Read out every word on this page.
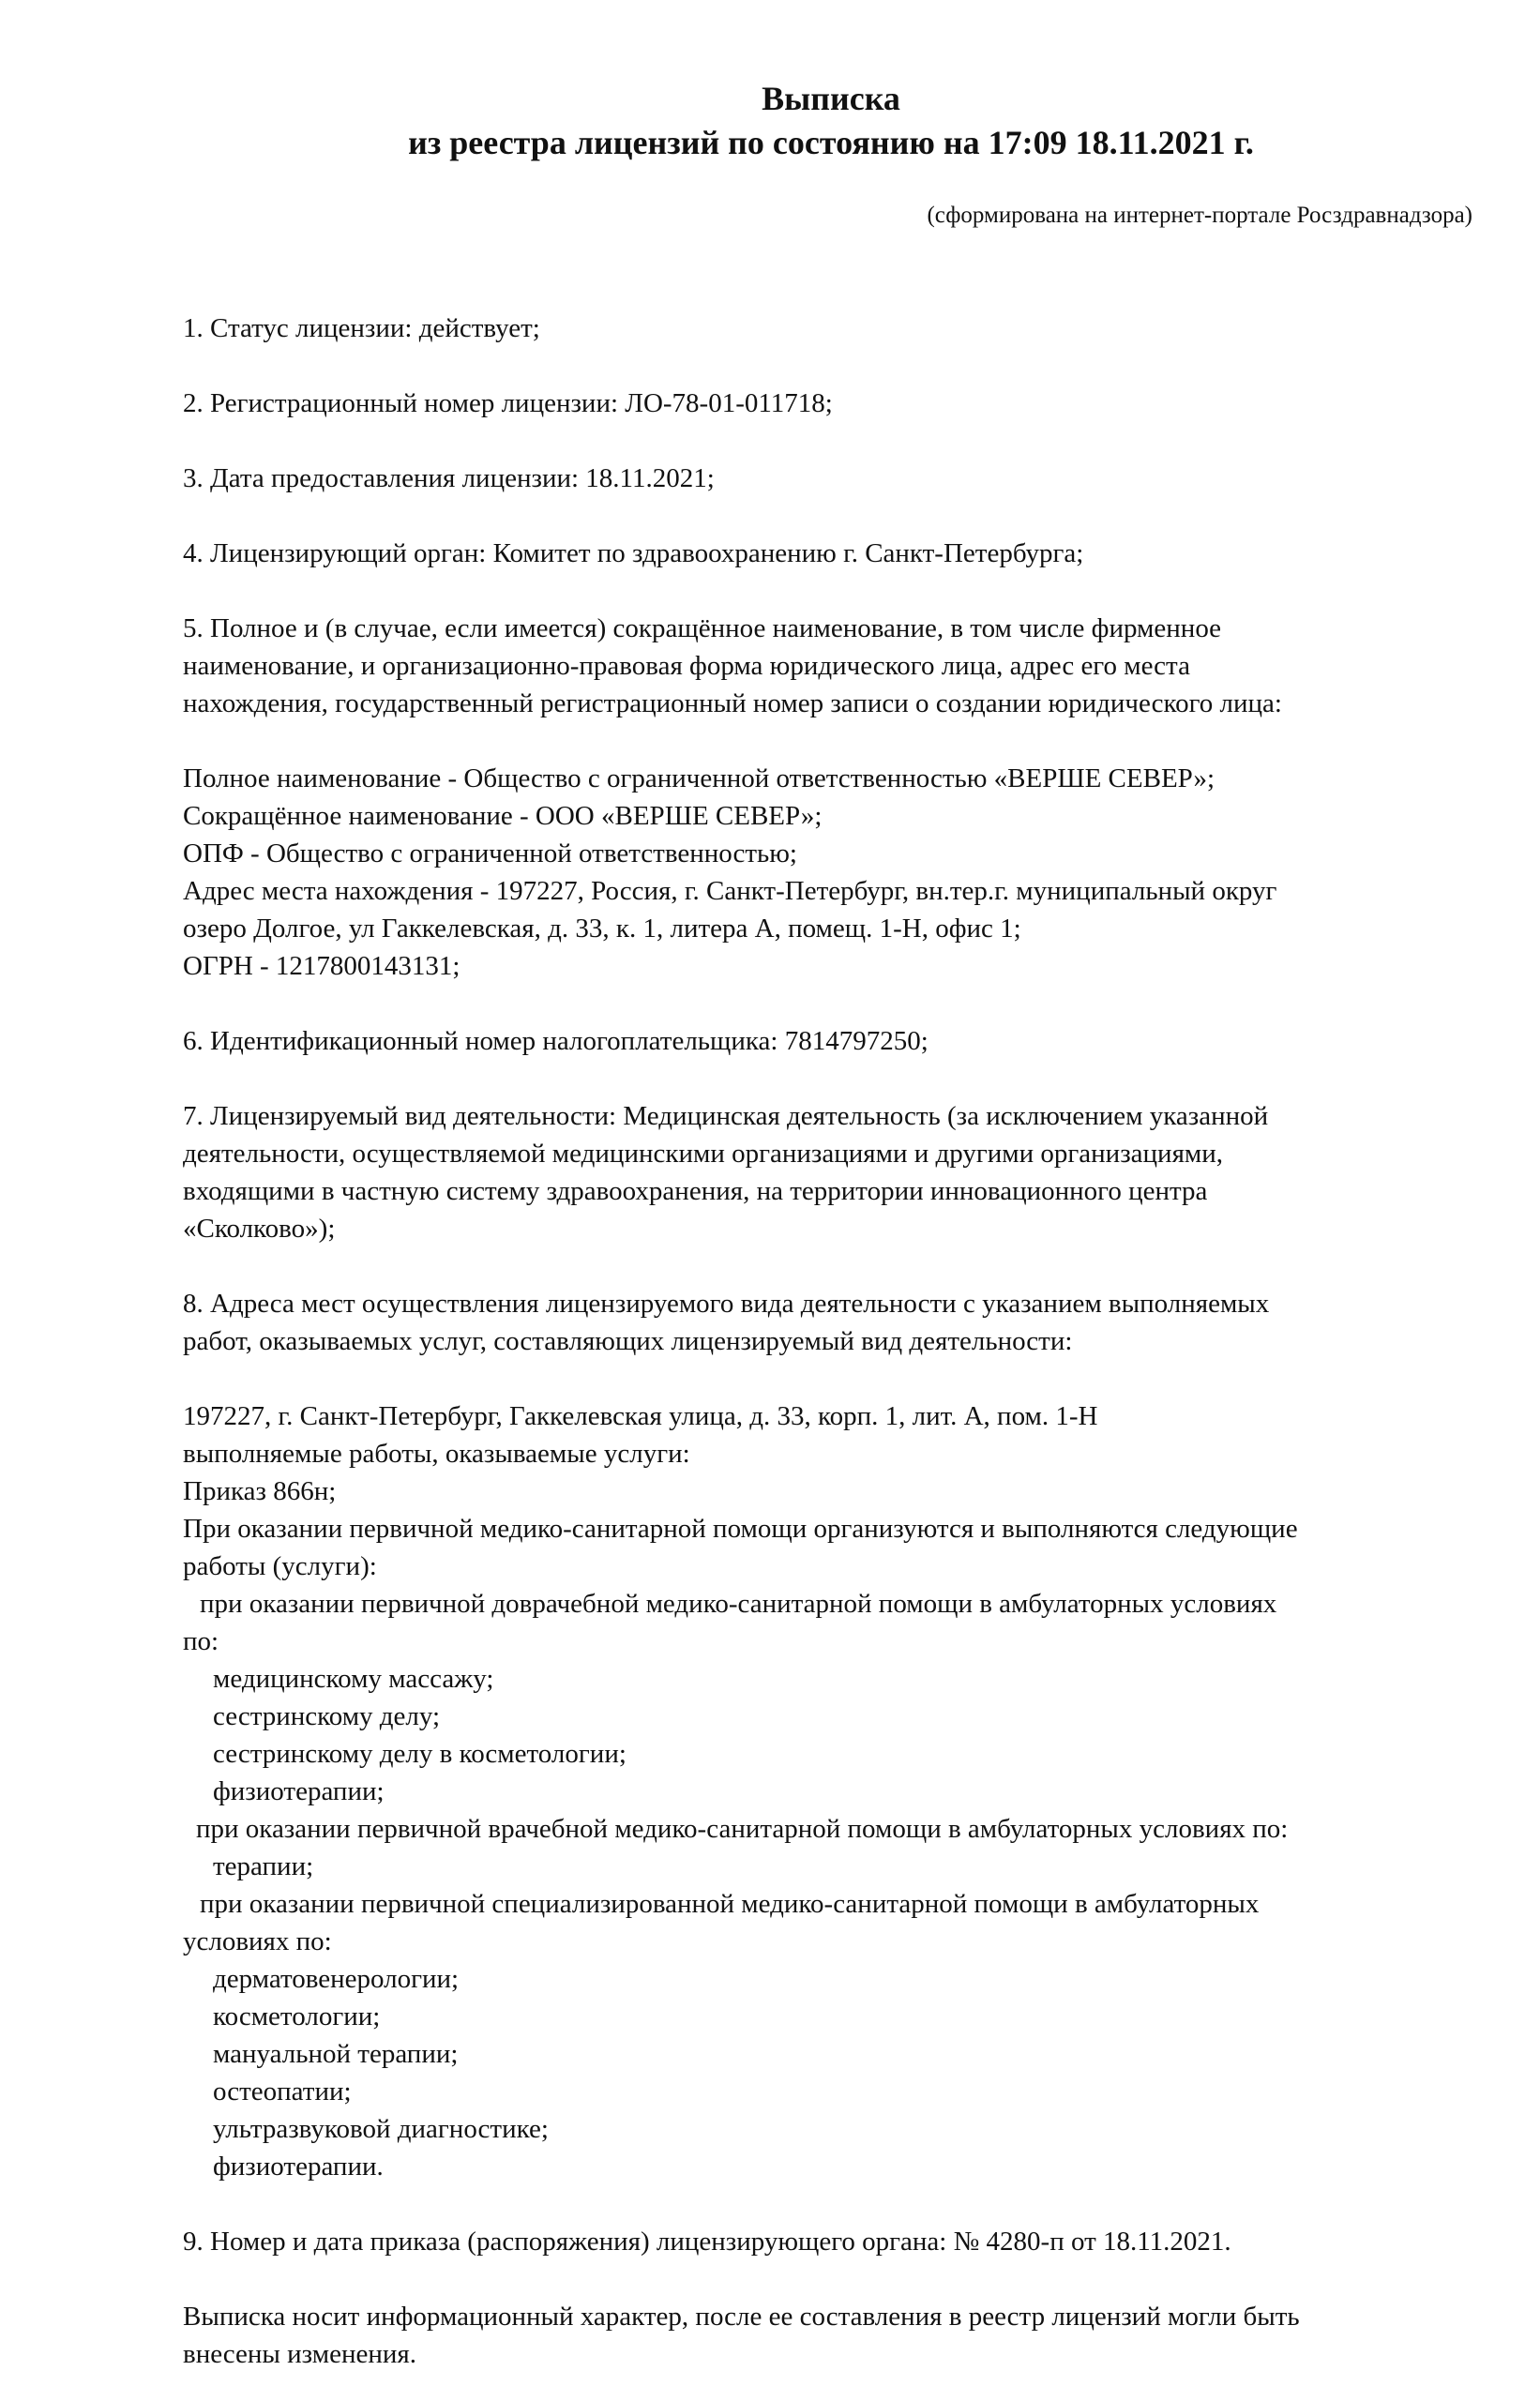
Выписка

из реестра лицензий по состоянию на 17:09 18.11.2021 г.

(сформирована на интернет-портале Росздравнадзора)

1. Статус лицензии: действует;
2. Регистрационный номер лицензии: ЛО-78-01-011718;
3. Дата предоставления лицензии: 18.11.2021;
4. Лицензирующий орган: Комитет по здравоохранению г. Санкт-Петербурга;
5. Полное и (в случае, если имеется) сокращённое наименование, в том числе фирменное
наименование, и организационно-правовая форма юридического лица, адрес его места
нахождения, государственный регистрационный номер записи о создании юридического лица:
Полное наименование - Общество с ограниченной ответственностью «ВЕРШЕ СЕВЕР»;
Сокращённое наименование - ООО «ВЕРШЕ СЕВЕР»;
ОПФ - Общество с ограниченной ответственностью;
Адрес места нахождения - 197227, Россия, г. Санкт-Петербург, вн.тер.г. муниципальный округ
озеро Долгое, ул Гаккелевская, д. 33, к. 1, литера А, помещ. 1-Н, офис 1;
ОГРН - 1217800143131;
6. Идентификационный номер налогоплательщика: 7814797250;
7. Лицензируемый вид деятельности: Медицинская деятельность (за исключением указанной
деятельности, осуществляемой медицинскими организациями и другими организациями,
входящими в частную систему здравоохранения, на территории инновационного центра
«Сколково»);
8. Адреса мест осуществления лицензируемого вида деятельности с указанием выполняемых
работ, оказываемых услуг, составляющих лицензируемый вид деятельности:
197227, г. Санкт-Петербург, Гаккелевская улица, д. 33, корп. 1, лит. А, пом. 1-Н
выполняемые работы, оказываемые услуги:
Приказ 866н;
При оказании первичной медико-санитарной помощи организуются и выполняются следующие
работы (услуги):
при оказании первичной доврачебной медико-санитарной помощи в амбулаторных условиях
по:
медицинскому массажу;
сестринскому делу;
сестринскому делу в косметологии;
физиотерапии;
при оказании первичной врачебной медико-санитарной помощи в амбулаторных условиях по:
терапии;
при оказании первичной специализированной медико-санитарной помощи в амбулаторных
условиях по:
дерматовенерологии;
косметологии;
мануальной терапии;
остеопатии;
ультразвуковой диагностике;
физиотерапии.
9. Номер и дата приказа (распоряжения) лицензирующего органа: № 4280-п от 18.11.2021.
Выписка носит информационный характер, после ее составления в реестр лицензий могли быть
внесены изменения.
